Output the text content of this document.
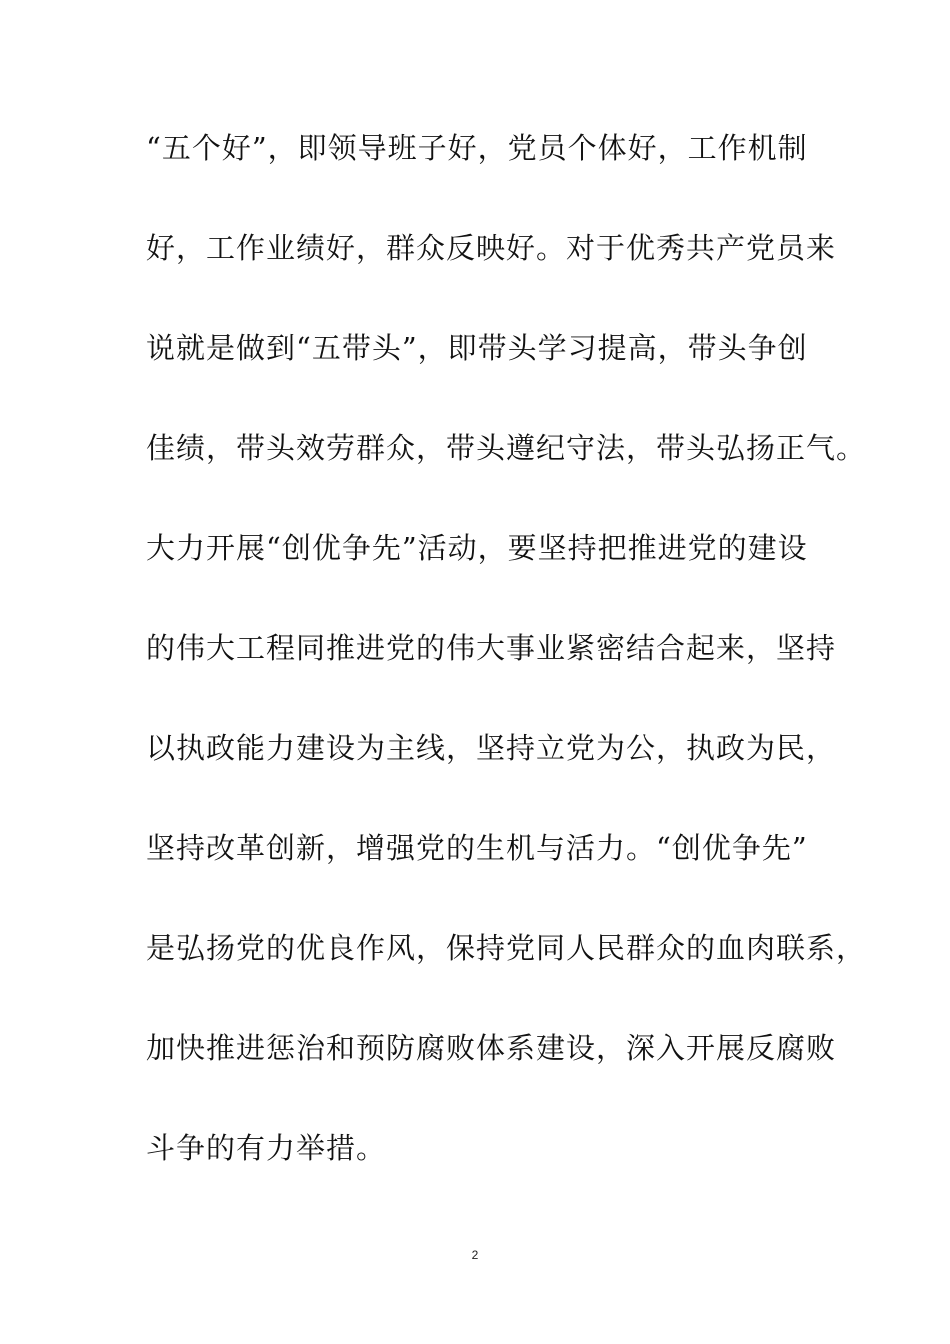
“五个好”，即领导班子好，党员个体好，工作机制
好，工作业绩好，群众反映好。对于优秀共产党员来
说就是做到“五带头”，即带头学习提高，带头争创
佳绩，带头效劳群众，带头遵纪守法，带头弘扬正气。
大力开展“创优争先”活动，要坚持把推进党的建设
的伟大工程同推进党的伟大事业紧密结合起来，坚持
以执政能力建设为主线，坚持立党为公，执政为民，
坚持改革创新，增强党的生机与活力。“创优争先”
是弘扬党的优良作风，保持党同人民群众的血肉联系，
加快推进惩治和预防腐败体系建设，深入开展反腐败
斗争的有力举措。
2
